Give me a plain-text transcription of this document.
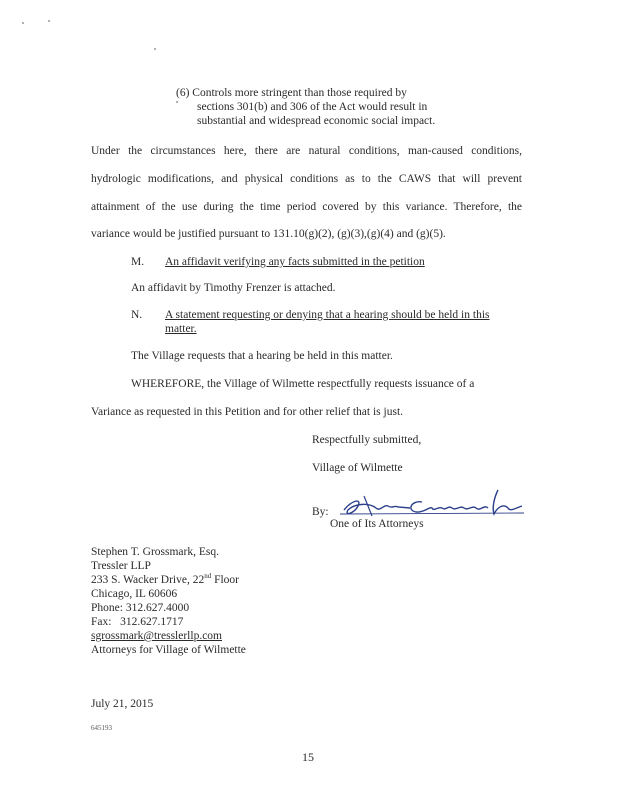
(6) Controls more stringent than those required by
sections 301(b) and 306 of the Act would result in
substantial and widespread economic social impact.
Under the circumstances here, there are natural conditions, man-caused conditions,
hydrologic modifications, and physical conditions as to the CAWS that will prevent
attainment of the use during the time period covered by this variance. Therefore, the
variance would be justified pursuant to 131.10(g)(2), (g)(3),(g)(4) and (g)(5).
M. An affidavit verifying any facts submitted in the petition
An affidavit by Timothy Frenzer is attached.
N. A statement requesting or denying that a hearing should be held in this
matter.
The Village requests that a hearing be held in this matter.
WHEREFORE, the Village of Wilmette respectfully requests issuance of a
Variance as requested in this Petition and for other relief that is just.
Respectfully submitted,
Village of Wilmette
By:
One of Its Attorneys
Stephen T. Grossmark, Esq.
Tressler LLP
233 S. Wacker Drive, 22nd Floor
Chicago, IL 60606
Phone: 312.627.4000
Fax:   312.627.1717
sgrossmark@tresslerllp.com
Attorneys for Village of Wilmette
July 21, 2015
645193
15
